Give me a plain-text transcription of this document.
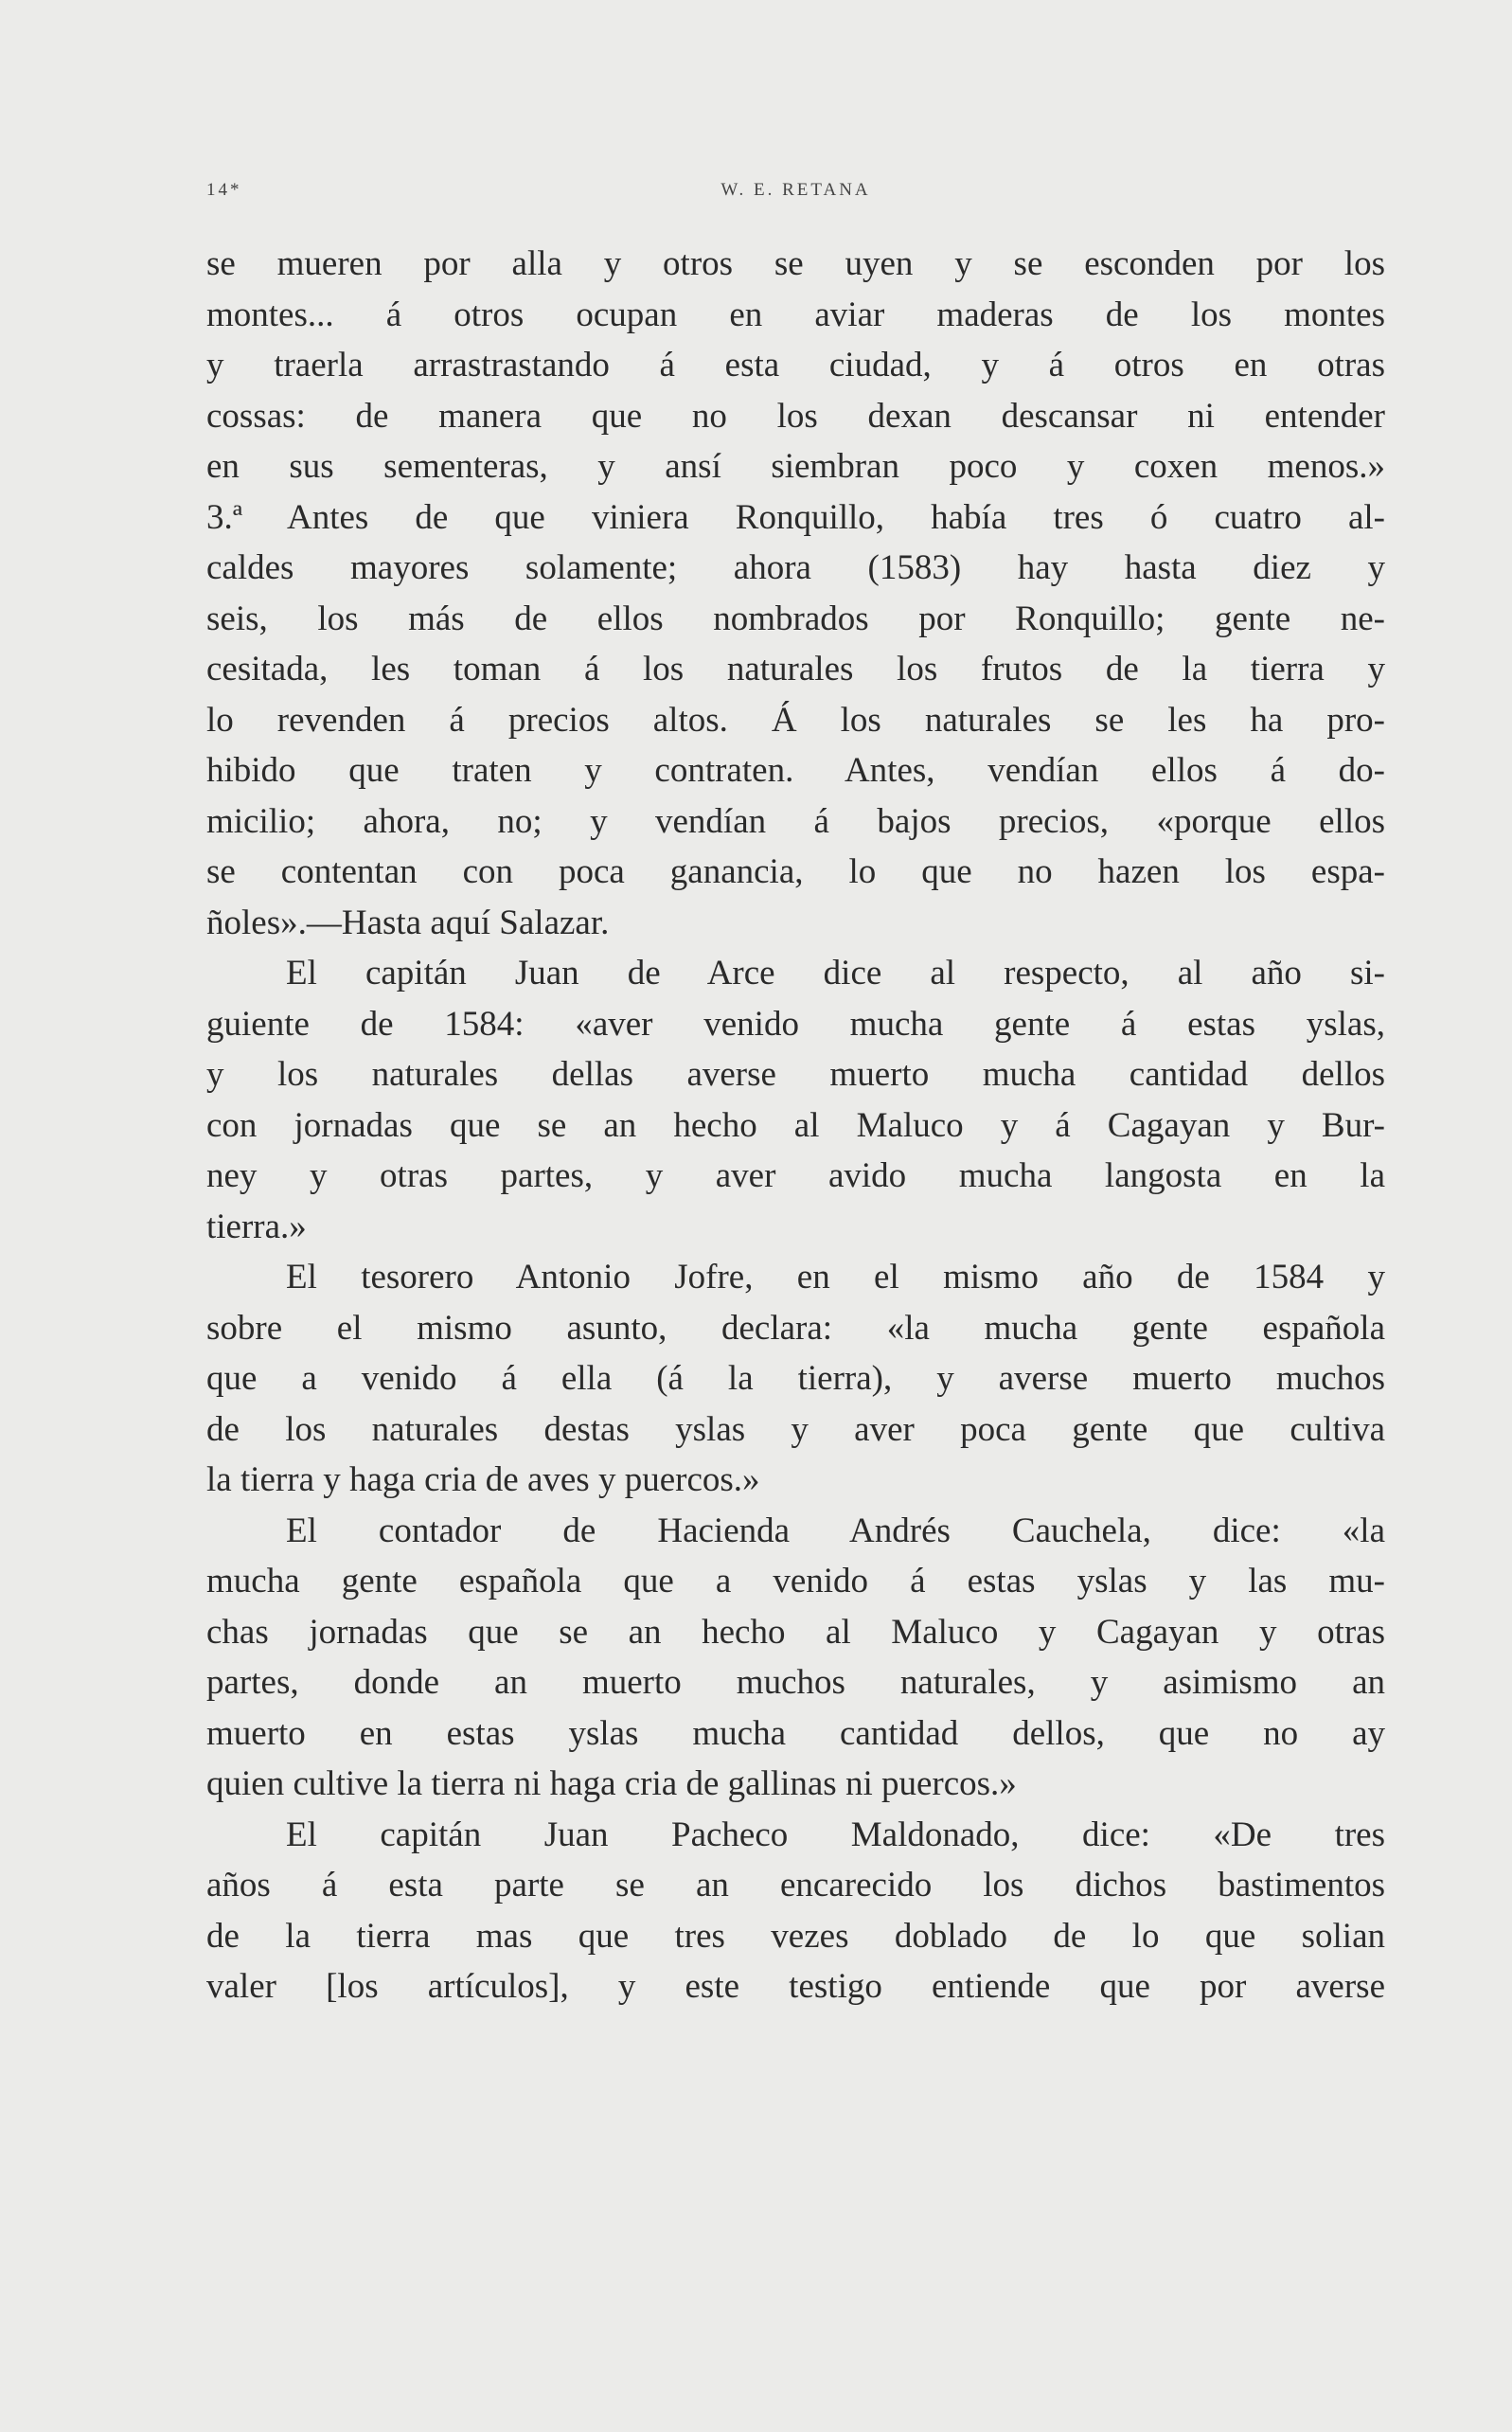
14*	W. E. RETANA
se mueren por alla y otros se uyen y se esconden por los
montes... á otros ocupan en aviar maderas de los montes
y traerla arrastrastando á esta ciudad, y á otros en otras
cossas: de manera que no los dexan descansar ni entender
en sus sementeras, y ansí siembran poco y coxen menos.»
3.ª Antes de que viniera Ronquillo, había tres ó cuatro al-
caldes mayores solamente; ahora (1583) hay hasta diez y
seis, los más de ellos nombrados por Ronquillo; gente ne-
cesitada, les toman á los naturales los frutos de la tierra y
lo revenden á precios altos. Á los naturales se les ha pro-
hibido que traten y contraten. Antes, vendían ellos á do-
micilio; ahora, no; y vendían á bajos precios, «porque ellos
se contentan con poca ganancia, lo que no hazen los espa-
ñoles».—Hasta aquí Salazar.
El capitán Juan de Arce dice al respecto, al año si-
guiente de 1584: «aver venido mucha gente á estas yslas,
y los naturales dellas averse muerto mucha cantidad dellos
con jornadas que se an hecho al Maluco y á Cagayan y Bur-
ney y otras partes, y aver avido mucha langosta en la
tierra.»
El tesorero Antonio Jofre, en el mismo año de 1584 y
sobre el mismo asunto, declara: «la mucha gente española
que a venido á ella (á la tierra), y averse muerto muchos
de los naturales destas yslas y aver poca gente que cultiva
la tierra y haga cria de aves y puercos.»
El contador de Hacienda Andrés Cauchela, dice: «la
mucha gente española que a venido á estas yslas y las mu-
chas jornadas que se an hecho al Maluco y Cagayan y otras
partes, donde an muerto muchos naturales, y asimismo an
muerto en estas yslas mucha cantidad dellos, que no ay
quien cultive la tierra ni haga cria de gallinas ni puercos.»
El capitán Juan Pacheco Maldonado, dice: «De tres
años á esta parte se an encarecido los dichos bastimentos
de la tierra mas que tres vezes doblado de lo que solian
valer [los artículos], y este testigo entiende que por averse
